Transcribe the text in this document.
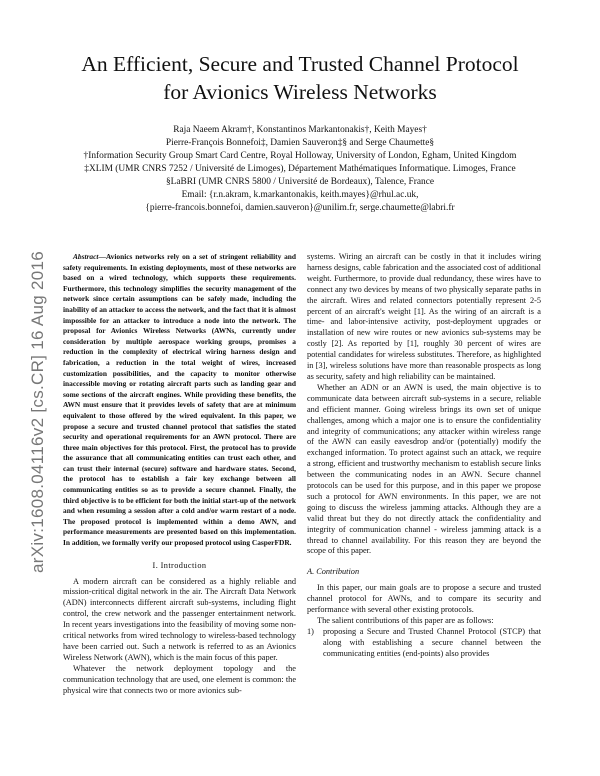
arXiv:1608.04116v2 [cs.CR] 16 Aug 2016
An Efficient, Secure and Trusted Channel Protocol
for Avionics Wireless Networks
Raja Naeem Akram†, Konstantinos Markantonakis†, Keith Mayes†
Pierre-François Bonnefoi‡, Damien Sauveron‡§ and Serge Chaumette§
†Information Security Group Smart Card Centre, Royal Holloway, University of London, Egham, United Kingdom
‡XLIM (UMR CNRS 7252 / Université de Limoges), Département Mathématiques Informatique. Limoges, France
§LaBRI (UMR CNRS 5800 / Université de Bordeaux), Talence, France
Email: {r.n.akram, k.markantonakis, keith.mayes}@rhul.ac.uk,
{pierre-francois.bonnefoi, damien.sauveron}@unilim.fr, serge.chaumette@labri.fr

Abstract—Avionics networks rely on a set of stringent reliability and safety requirements. In existing deployments, most of these networks are based on a wired technology, which supports these requirements. Furthermore, this technology simplifies the security management of the network since certain assumptions can be safely made, including the inability of an attacker to access the network, and the fact that it is almost impossible for an attacker to introduce a node into the network. The proposal for Avionics Wireless Networks (AWNs, currently under consideration by multiple aerospace working groups, promises a reduction in the complexity of electrical wiring harness design and fabrication, a reduction in the total weight of wires, increased customization possibilities, and the capacity to monitor otherwise inaccessible moving or rotating aircraft parts such as landing gear and some sections of the aircraft engines. While providing these benefits, the AWN must ensure that it provides levels of safety that are at minimum equivalent to those offered by the wired equivalent. In this paper, we propose a secure and trusted channel protocol that satisfies the stated security and operational requirements for an AWN protocol. There are three main objectives for this protocol. First, the protocol has to provide the assurance that all communicating entities can trust each other, and can trust their internal (secure) software and hardware states. Second, the protocol has to establish a fair key exchange between all communicating entities so as to provide a secure channel. Finally, the third objective is to be efficient for both the initial start-up of the network and when resuming a session after a cold and/or warm restart of a node. The proposed protocol is implemented within a demo AWN, and performance measurements are presented based on this implementation. In addition, we formally verify our proposed protocol using CasperFDR.

I. Introduction

A modern aircraft can be considered as a highly reliable and mission-critical digital network in the air. The Aircraft Data Network (ADN) interconnects different aircraft sub-systems, including flight control, the crew network and the passenger entertainment network. In recent years investigations into the feasibility of moving some non-critical networks from wired technology to wireless-based technology have been carried out. Such a network is referred to as an Avionics Wireless Network (AWN), which is the main focus of this paper.

Whatever the network deployment topology and the communication technology that are used, one element is common: the physical wire that connects two or more avionics sub-

systems. Wiring an aircraft can be costly in that it includes wiring harness designs, cable fabrication and the associated cost of additional weight. Furthermore, to provide dual redundancy, these wires have to connect any two devices by means of two physically separate paths in the aircraft. Wires and related connectors potentially represent 2-5 percent of an aircraft's weight [1]. As the wiring of an aircraft is a time- and labor-intensive activity, post-deployment upgrades or installation of new wire routes or new avionics sub-systems may be costly [2]. As reported by [1], roughly 30 percent of wires are potential candidates for wireless substitutes. Therefore, as highlighted in [3], wireless solutions have more than reasonable prospects as long as security, safety and high reliability can be maintained.

Whether an ADN or an AWN is used, the main objective is to communicate data between aircraft sub-systems in a secure, reliable and efficient manner. Going wireless brings its own set of unique challenges, among which a major one is to ensure the confidentiality and integrity of communications; any attacker within wireless range of the AWN can easily eavesdrop and/or (potentially) modify the exchanged information. To protect against such an attack, we require a strong, efficient and trustworthy mechanism to establish secure links between the communicating nodes in an AWN. Secure channel protocols can be used for this purpose, and in this paper we propose such a protocol for AWN environments. In this paper, we are not going to discuss the wireless jamming attacks. Although they are a valid threat but they do not directly attack the confidentiality and integrity of communication channel - wireless jamming attack is a thread to channel availability. For this reason they are beyond the scope of this paper.

A. Contribution

In this paper, our main goals are to propose a secure and trusted channel protocol for AWNs, and to compare its security and performance with several other existing protocols.

The salient contributions of this paper are as follows:

1)	proposing a Secure and Trusted Channel Protocol (STCP) that along with establishing a secure channel between the communicating entities (end-points) also provides
